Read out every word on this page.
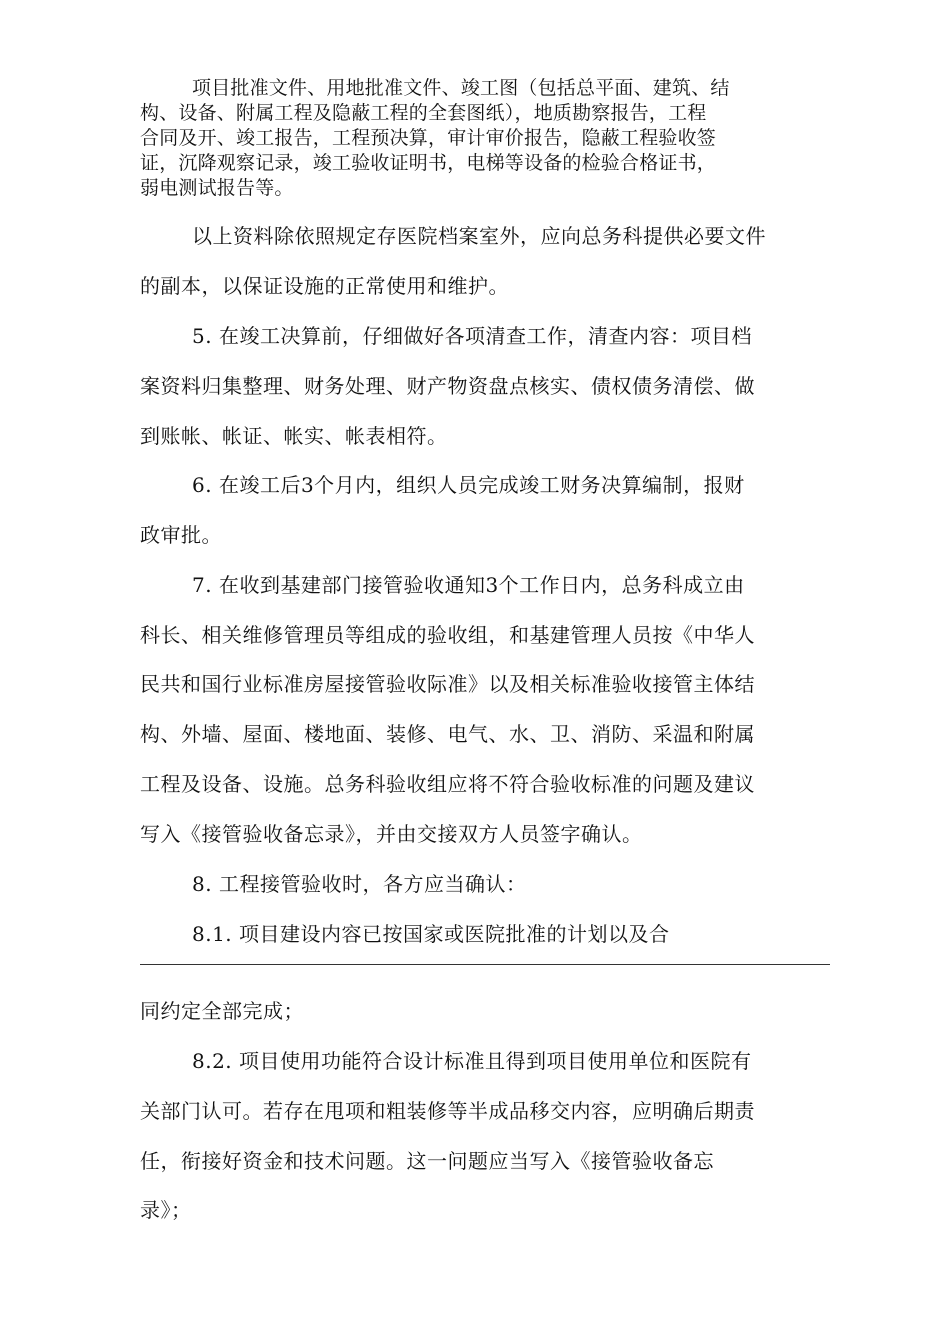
项目批准文件、用地批准文件、竣工图（包括总平面、建筑、结
构、设备、附属工程及隐蔽工程的全套图纸），地质勘察报告，工程
合同及开、竣工报告，工程预决算，审计审价报告，隐蔽工程验收签
证，沉降观察记录，竣工验收证明书，电梯等设备的检验合格证书，
弱电测试报告等。
以上资料除依照规定存医院档案室外，应向总务科提供必要文件
的副本，以保证设施的正常使用和维护。
5. 在竣工决算前，仔细做好各项清查工作，清查内容：项目档
案资料归集整理、财务处理、财产物资盘点核实、债权债务清偿、做
到账帐、帐证、帐实、帐表相符。
6. 在竣工后3个月内，组织人员完成竣工财务决算编制，报财
政审批。
7. 在收到基建部门接管验收通知3个工作日内，总务科成立由
科长、相关维修管理员等组成的验收组，和基建管理人员按《中华人
民共和国行业标准房屋接管验收际准》以及相关标准验收接管主体结
构、外墙、屋面、楼地面、装修、电气、水、卫、消防、采温和附属
工程及设备、设施。总务科验收组应将不符合验收标准的问题及建议
写入《接管验收备忘录》，并由交接双方人员签字确认。
8. 工程接管验收时，各方应当确认：
8.1. 项目建设内容已按国家或医院批准的计划以及合
同约定全部完成；
8.2. 项目使用功能符合设计标准且得到项目使用单位和医院有
关部门认可。若存在甩项和粗装修等半成品移交内容，应明确后期责
任，衔接好资金和技术问题。这一问题应当写入《接管验收备忘
录》；
